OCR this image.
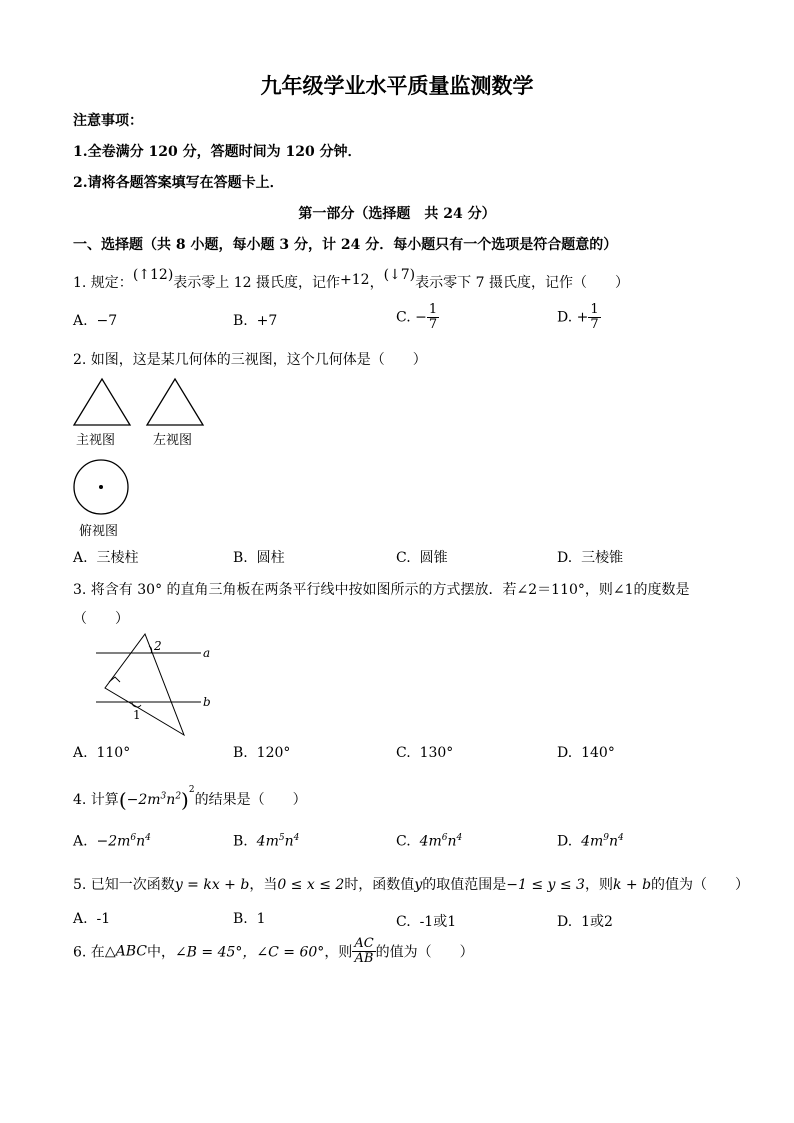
九年级学业水平质量监测数学
注意事项：
1.全卷满分 120 分，答题时间为 120 分钟．
2.请将各题答案填写在答题卡上．
第一部分（选择题　共 24 分）
一、选择题（共 8 小题，每小题 3 分，计 24 分．每小题只有一个选项是符合题意的）
1. 规定：(↑12)表示零上 12 摄氏度，记作+12，(↓7)表示零下 7 摄氏度，记作（　　）
A. −7	B. +7	C. − $\frac{1}{7}$	D. + $\frac{1}{7}$
2. 如图，这是某几何体的三视图，这个几何体是（　　）
主视图	左视图
俯视图
A. 三棱柱	B. 圆柱	C. 圆锥	D. 三棱锥
3. 将含有 30° 的直角三角板在两条平行线中按如图所示的方式摆放．若∠2＝110°，则∠1的度数是
（　　）
2
1
a
b
A. 110°	B. 120°	C. 130°	D. 140°
4. 计算$(-2m^3n^2)^2$的结果是（　　）
A. $-2m^6n^4$	B. $4m^5n^4$	C. $4m^6n^4$	D. $4m^9n^4$
5. 已知一次函数y = kx + b，当0 ≤ x ≤ 2时，函数值y的取值范围是−1 ≤ y ≤ 3，则k + b的值为（　　）
A. -1	B. 1	C. -1或1	D. 1或2
6. 在△ABC中，∠B = 45°，∠C = 60°，则 $\frac{AC}{AB}$ 的值为（　　）
